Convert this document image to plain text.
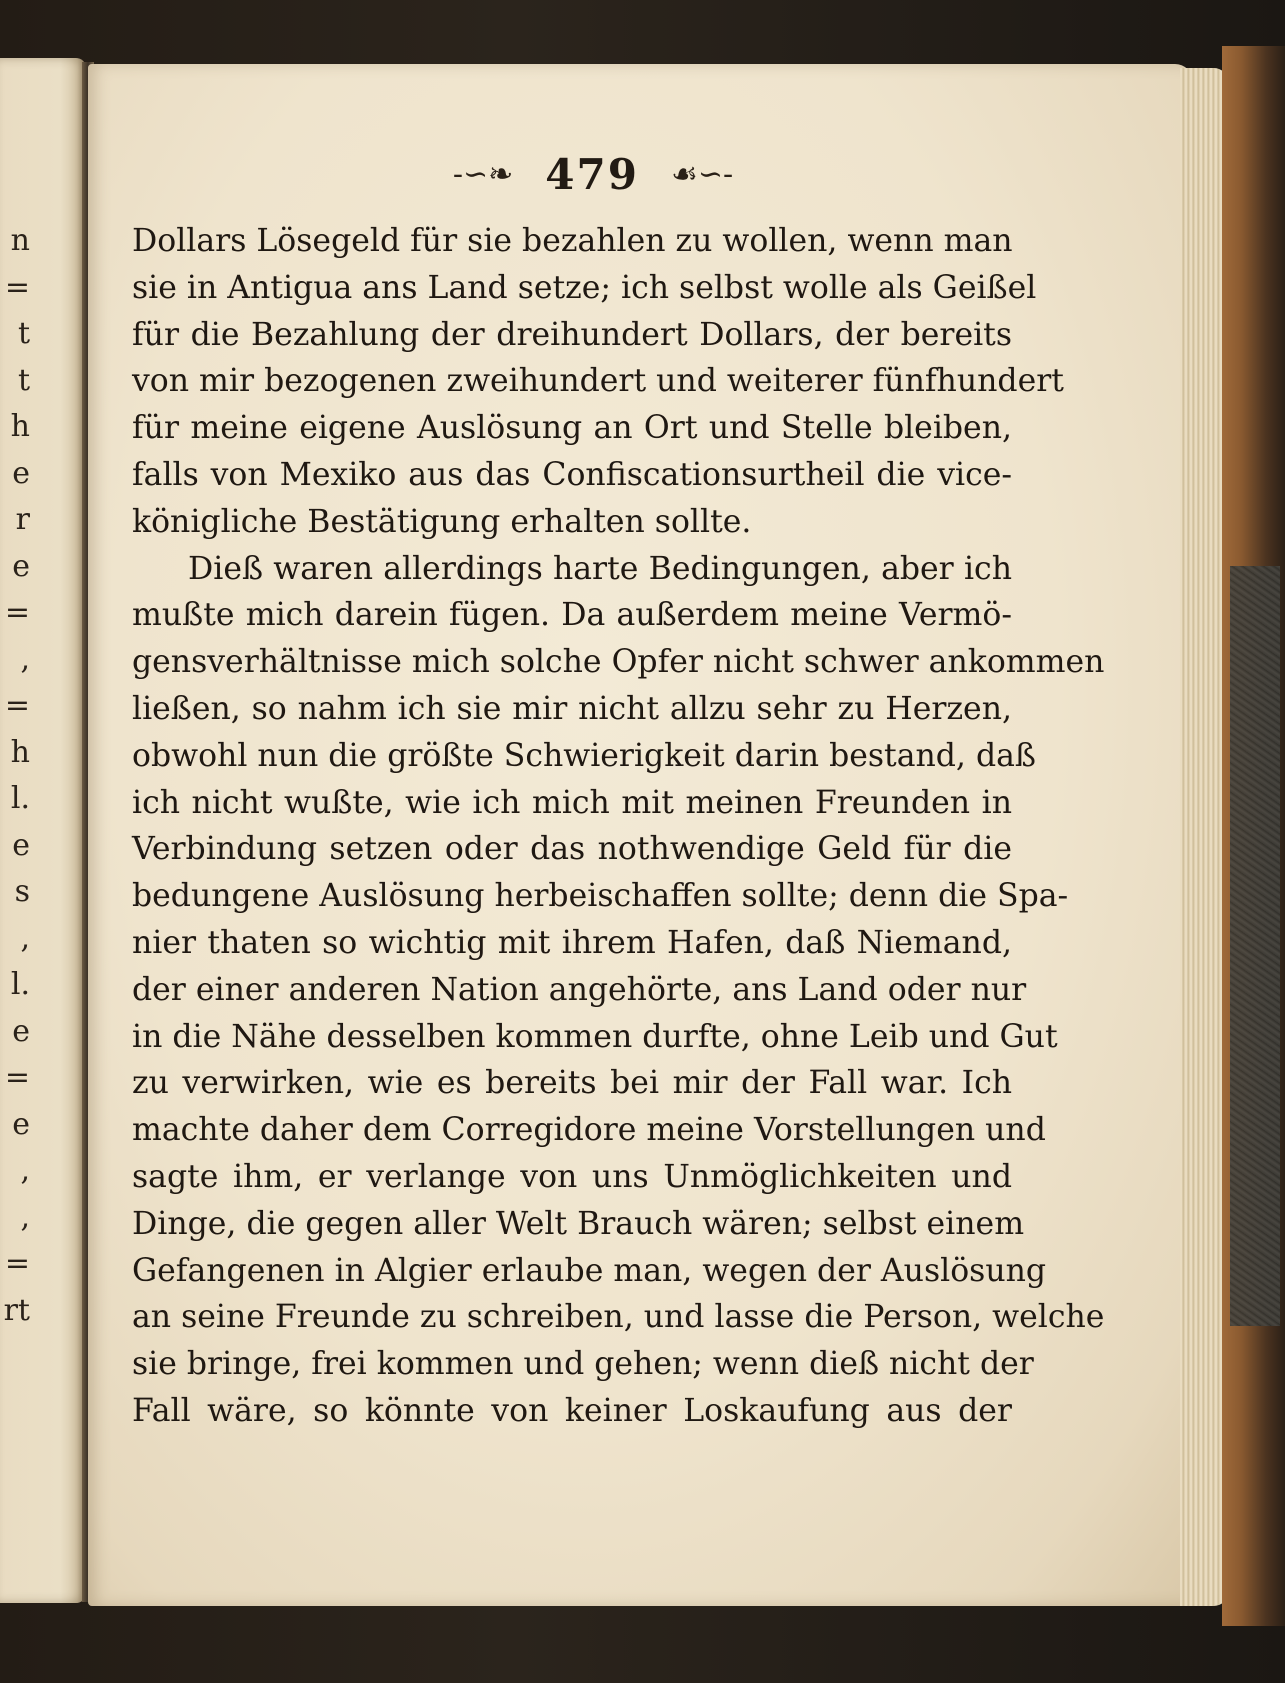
n
=
t
t
h
e
r
e
=
,
=
h
l.
e
s
,
l.
e
=
e
,
,
=
rt
-∽❧ 479 ☙∽-
Dollars Lösegeld für sie bezahlen zu wollen, wenn man
sie in Antigua ans Land setze; ich selbst wolle als Geißel
für die Bezahlung der dreihundert Dollars, der bereits
von mir bezogenen zweihundert und weiterer fünfhundert
für meine eigene Auslösung an Ort und Stelle bleiben,
falls von Mexiko aus das Confiscationsurtheil die vice-
königliche Bestätigung erhalten sollte.
Dieß waren allerdings harte Bedingungen, aber ich
mußte mich darein fügen. Da außerdem meine Vermö-
gensverhältnisse mich solche Opfer nicht schwer ankommen
ließen, so nahm ich sie mir nicht allzu sehr zu Herzen,
obwohl nun die größte Schwierigkeit darin bestand, daß
ich nicht wußte, wie ich mich mit meinen Freunden in
Verbindung setzen oder das nothwendige Geld für die
bedungene Auslösung herbeischaffen sollte; denn die Spa-
nier thaten so wichtig mit ihrem Hafen, daß Niemand,
der einer anderen Nation angehörte, ans Land oder nur
in die Nähe desselben kommen durfte, ohne Leib und Gut
zu verwirken, wie es bereits bei mir der Fall war. Ich
machte daher dem Corregidore meine Vorstellungen und
sagte ihm, er verlange von uns Unmöglichkeiten und
Dinge, die gegen aller Welt Brauch wären; selbst einem
Gefangenen in Algier erlaube man, wegen der Auslösung
an seine Freunde zu schreiben, und lasse die Person, welche
sie bringe, frei kommen und gehen; wenn dieß nicht der
Fall wäre, so könnte von keiner Loskaufung aus der
